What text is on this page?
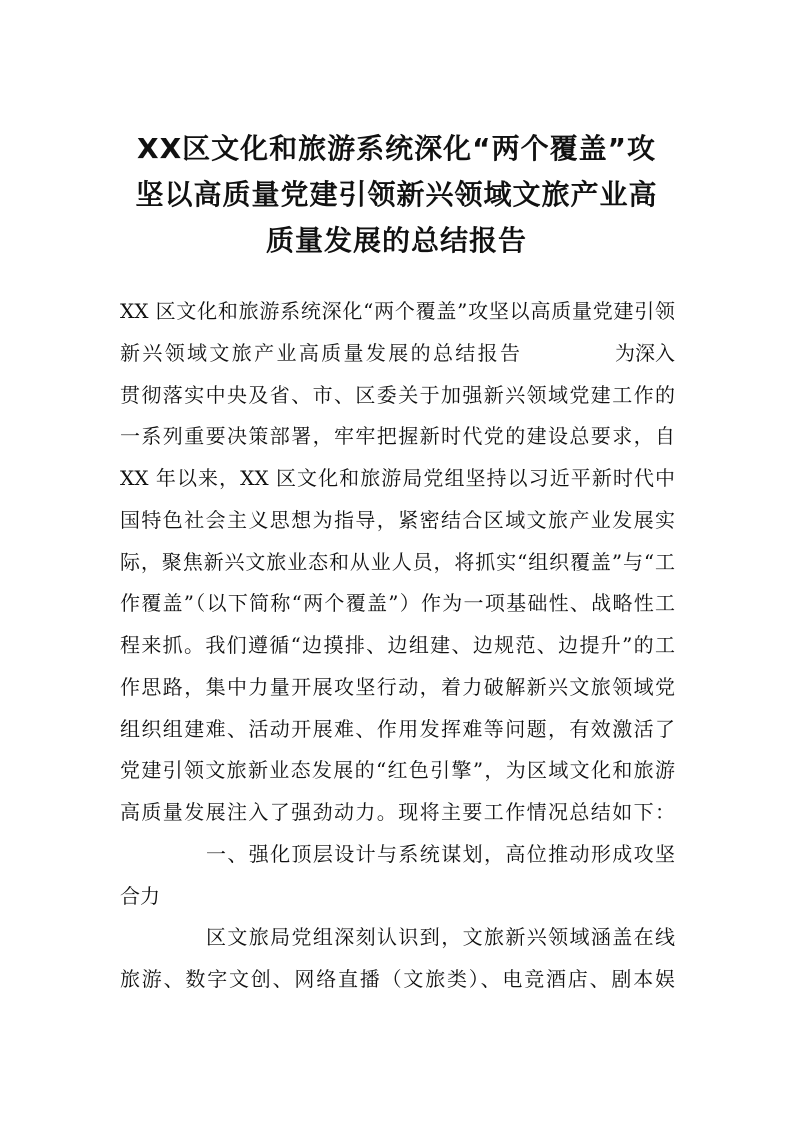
XX区文化和旅游系统深化“两个覆盖”攻
坚以高质量党建引领新兴领域文旅产业高
质量发展的总结报告
XX 区文化和旅游系统深化“两个覆盖”攻坚以高质量党建引领
新兴领域文旅产业高质量发展的总结报告	为深入
贯彻落实中央及省、市、区委关于加强新兴领域党建工作的
一系列重要决策部署，牢牢把握新时代党的建设总要求，自
XX 年以来，XX 区文化和旅游局党组坚持以习近平新时代中
国特色社会主义思想为指导，紧密结合区域文旅产业发展实
际，聚焦新兴文旅业态和从业人员，将抓实“组织覆盖”与“工
作覆盖”（以下简称“两个覆盖”）作为一项基础性、战略性工
程来抓。我们遵循“边摸排、边组建、边规范、边提升”的工
作思路，集中力量开展攻坚行动，着力破解新兴文旅领域党
组织组建难、活动开展难、作用发挥难等问题，有效激活了
党建引领文旅新业态发展的“红色引擎”，为区域文化和旅游
高质量发展注入了强劲动力。现将主要工作情况总结如下：
一、强化顶层设计与系统谋划，高位推动形成攻坚
合力
区文旅局党组深刻认识到，文旅新兴领域涵盖在线
旅游、数字文创、网络直播（文旅类）、电竞酒店、剧本娱
